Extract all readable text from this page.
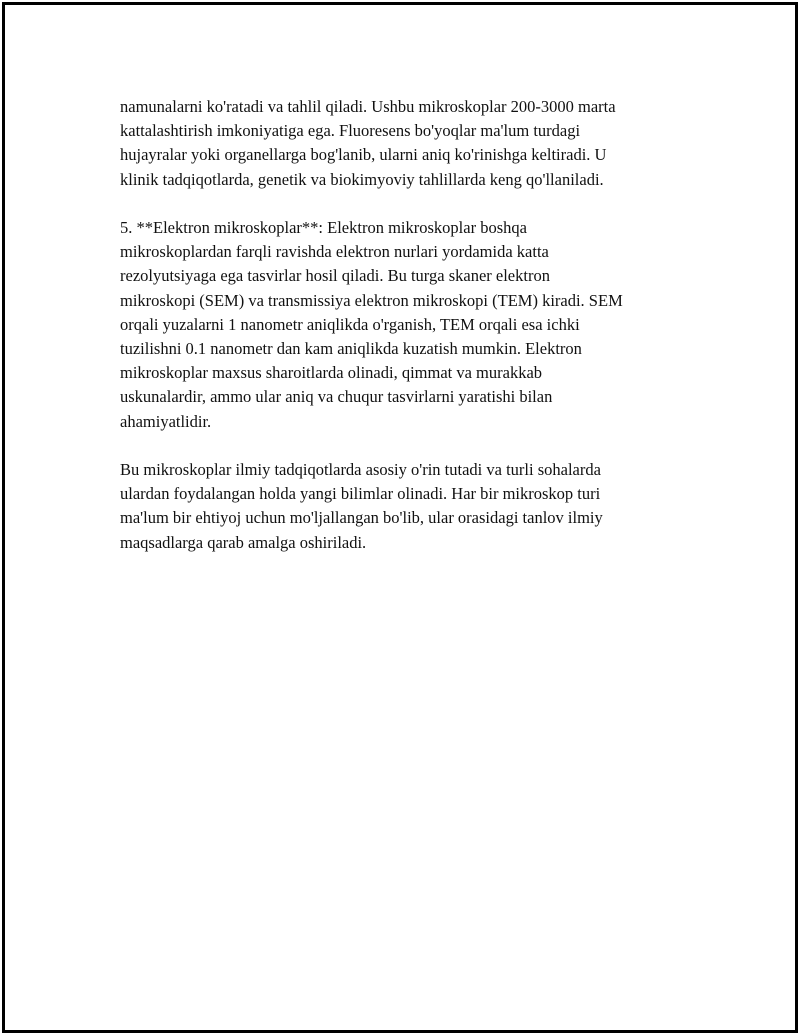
namunalarni ko'ratadi va tahlil qiladi. Ushbu mikroskoplar 200-3000 marta
kattalashtirish imkoniyatiga ega. Fluoresens bo'yoqlar ma'lum turdagi
hujayralar yoki organellarga bog'lanib, ularni aniq ko'rinishga keltiradi. U
klinik tadqiqotlarda, genetik va biokimyoviy tahlillarda keng qo'llaniladi.

5. **Elektron mikroskoplar**: Elektron mikroskoplar boshqa
mikroskoplardan farqli ravishda elektron nurlari yordamida katta
rezolyutsiyaga ega tasvirlar hosil qiladi. Bu turga skaner elektron
mikroskopi (SEM) va transmissiya elektron mikroskopi (TEM) kiradi. SEM
orqali yuzalarni 1 nanometr aniqlikda o'rganish, TEM orqali esa ichki
tuzilishni 0.1 nanometr dan kam aniqlikda kuzatish mumkin. Elektron
mikroskoplar maxsus sharoitlarda olinadi, qimmat va murakkab
uskunalardir, ammo ular aniq va chuqur tasvirlarni yaratishi bilan
ahamiyatlidir.

Bu mikroskoplar ilmiy tadqiqotlarda asosiy o'rin tutadi va turli sohalarda
ulardan foydalangan holda yangi bilimlar olinadi. Har bir mikroskop turi
ma'lum bir ehtiyoj uchun mo'ljallangan bo'lib, ular orasidagi tanlov ilmiy
maqsadlarga qarab amalga oshiriladi.
